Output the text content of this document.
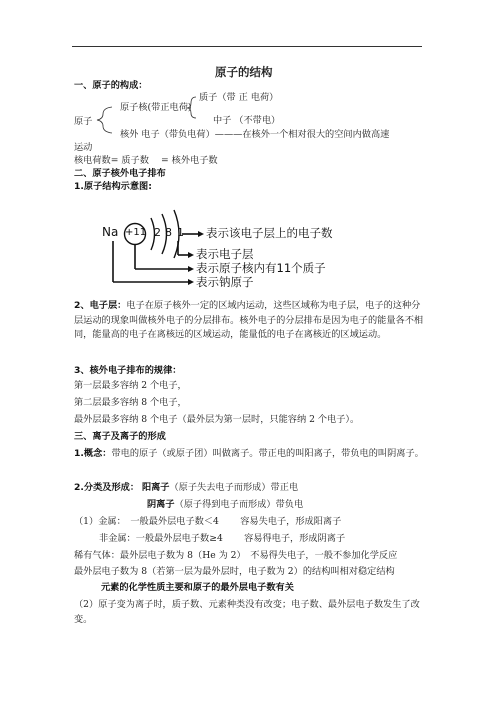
原子的结构
一、原子的构成：
质子（带 正 电荷）
原子核(带正电荷)
原子	中子 （不带电）
核外 电子（带负电荷）———在核外一个相对很大的空间内做高速
运动
核电荷数= 质子数　 = 核外电子数
二、原子核外电子排布
1.原子结构示意图:
Na +11 2 8 1 表示该电子层上的电子数
表示电子层
表示原子核内有11个质子
表示钠原子
2、电子层：电子在原子核外一定的区域内运动，这些区域称为电子层，电子的这种分层运动的现象叫做核外电子的分层排布。核外电子的分层排布是因为电子的能量各不相同，能量高的电子在离核远的区域运动，能量低的电子在离核近的区域运动。
3、核外电子排布的规律：
第一层最多容纳 2 个电子，
第二层最多容纳 8 个电子，
最外层最多容纳 8 个电子（最外层为第一层时，只能容纳 2 个电子）。
三、离子及离子的形成
1.概念：带电的原子（或原子团）叫做离子。带正电的叫阳离子，带负电的叫阴离子。
2.分类及形成： 阳离子（原子失去电子而形成）带正电
阴离子（原子得到电子而形成）带负电
（1）金属：　一般最外层电子数＜4　　 容易失电子，形成阳离子
非金属：一般最外层电子数≥4　　 容易得电子，形成阴离子
稀有气体：最外层电子数为 8（He 为 2）　不易得失电子，一般不参加化学反应
最外层电子数为 8（若第一层为最外层时，电子数为 2）的结构叫相对稳定结构
元素的化学性质主要和原子的最外层电子数有关
（2）原子变为离子时，质子数、元素种类没有改变；电子数、最外层电子数发生了改变。
